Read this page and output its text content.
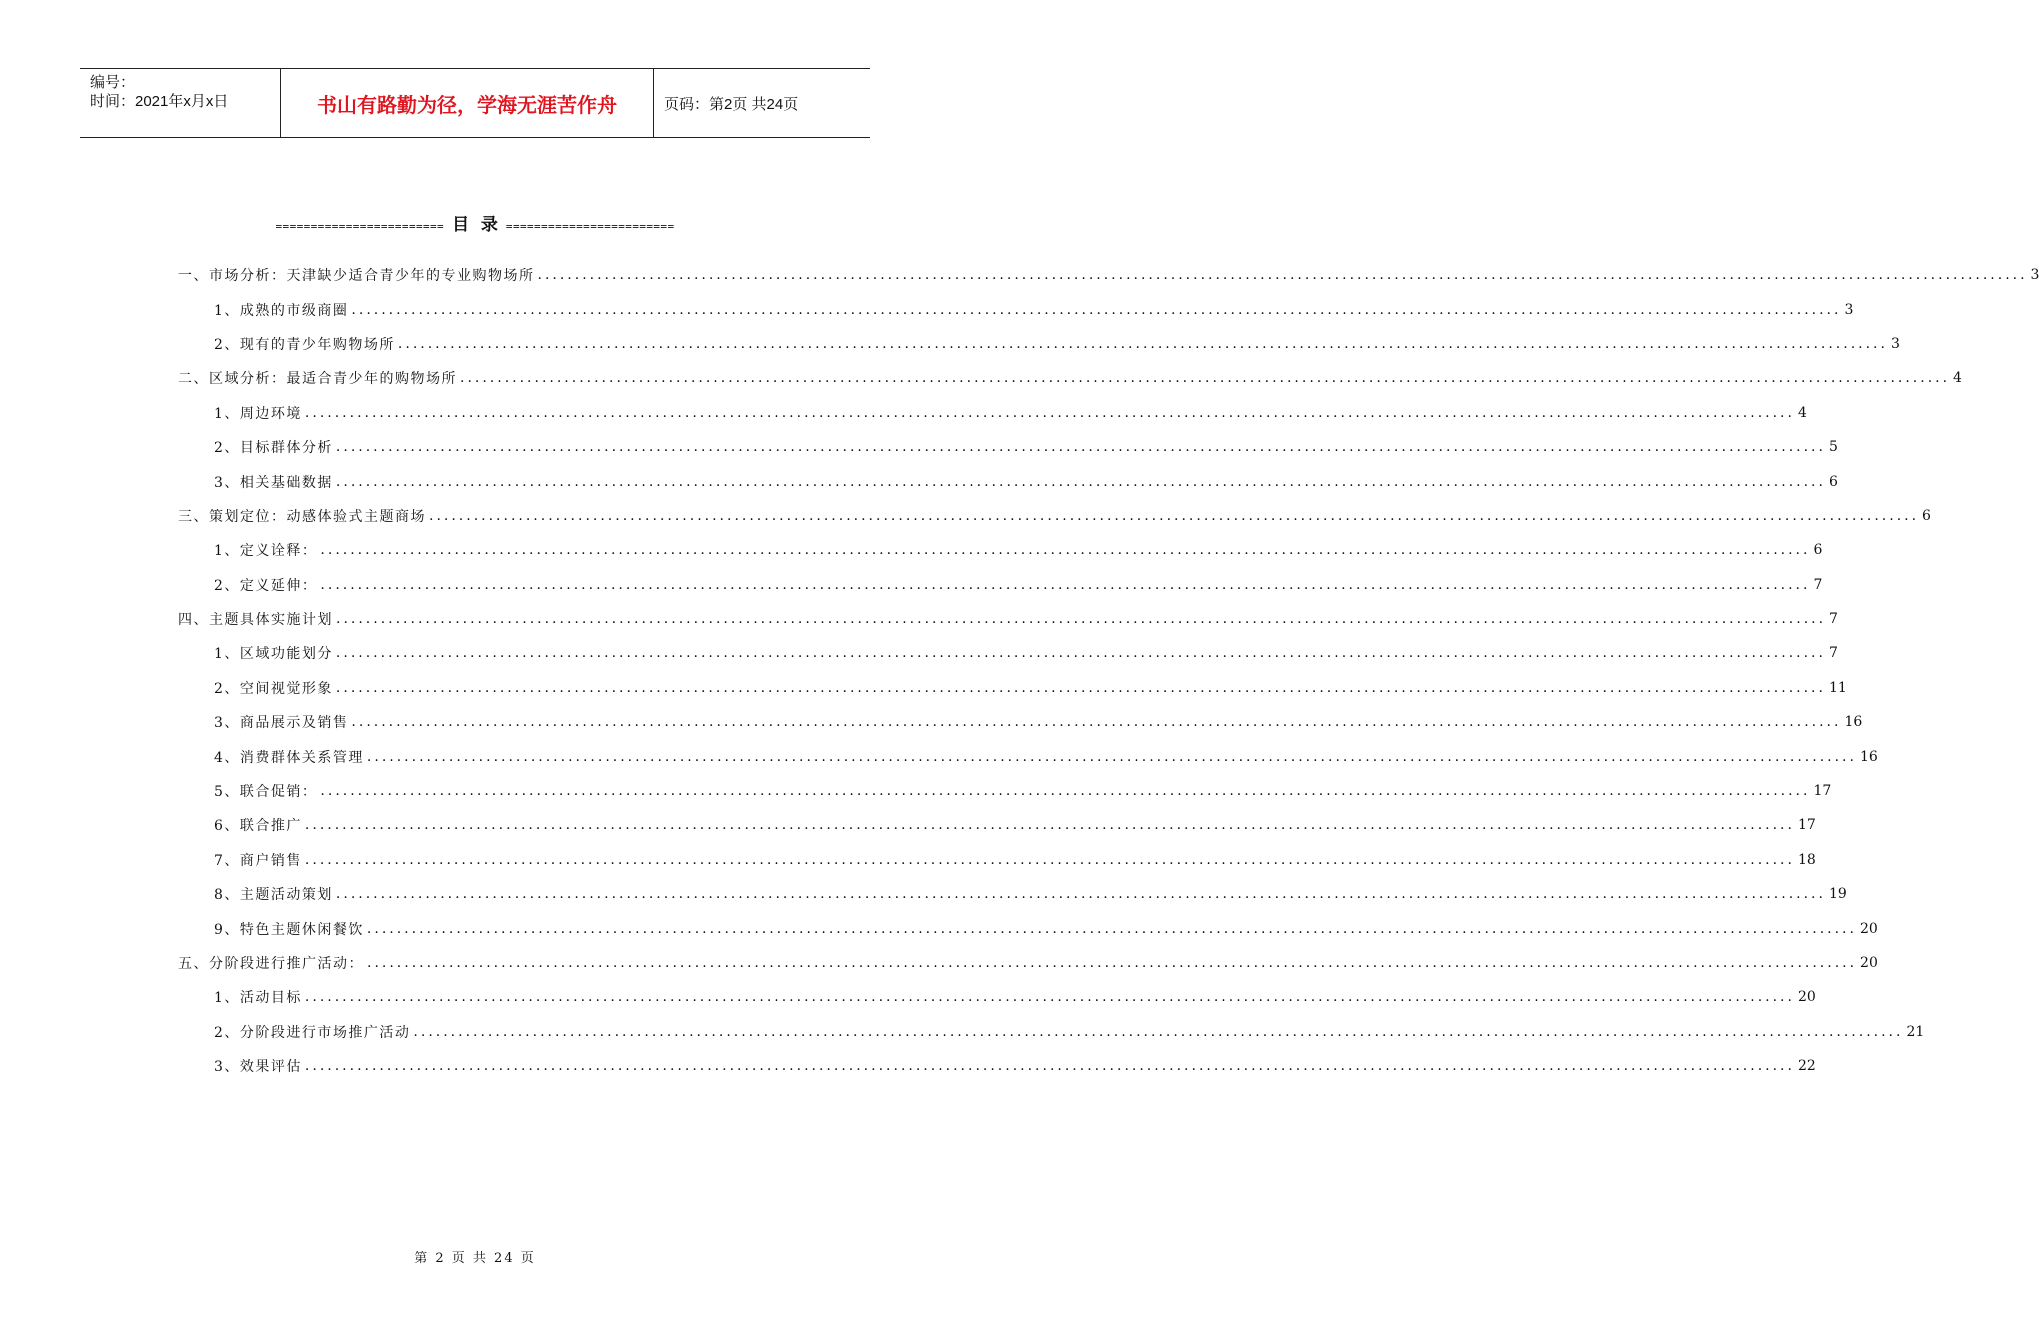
编号：
时间：2021年x月x日	书山有路勤为径，学海无涯苦作舟	页码：第2页 共24页
======================== 目  录 ========================
一、市场分析：天津缺少适合青少年的专业购物场所 ........................................................................................................................................................................................................ 3
1、成熟的市级商圈 ........................................................................................................................................................................................................ 3
2、现有的青少年购物场所 ........................................................................................................................................................................................................ 3
二、区域分析：最适合青少年的购物场所 ........................................................................................................................................................................................................ 4
1、周边环境 ........................................................................................................................................................................................................ 4
2、目标群体分析 ........................................................................................................................................................................................................ 5
3、相关基础数据 ........................................................................................................................................................................................................ 6
三、策划定位：动感体验式主题商场 ........................................................................................................................................................................................................ 6
1、定义诠释： ........................................................................................................................................................................................................ 6
2、定义延伸： ........................................................................................................................................................................................................ 7
四、主题具体实施计划 ........................................................................................................................................................................................................ 7
1、区域功能划分 ........................................................................................................................................................................................................ 7
2、空间视觉形象 ........................................................................................................................................................................................................ 11
3、商品展示及销售 ........................................................................................................................................................................................................ 16
4、消费群体关系管理 ........................................................................................................................................................................................................ 16
5、联合促销： ........................................................................................................................................................................................................ 17
6、联合推广 ........................................................................................................................................................................................................ 17
7、商户销售 ........................................................................................................................................................................................................ 18
8、主题活动策划 ........................................................................................................................................................................................................ 19
9、特色主题休闲餐饮 ........................................................................................................................................................................................................ 20
五、分阶段进行推广活动： ........................................................................................................................................................................................................ 20
1、活动目标 ........................................................................................................................................................................................................ 20
2、分阶段进行市场推广活动 ........................................................................................................................................................................................................ 21
3、效果评估 ........................................................................................................................................................................................................ 22
第 2 页 共 24 页
